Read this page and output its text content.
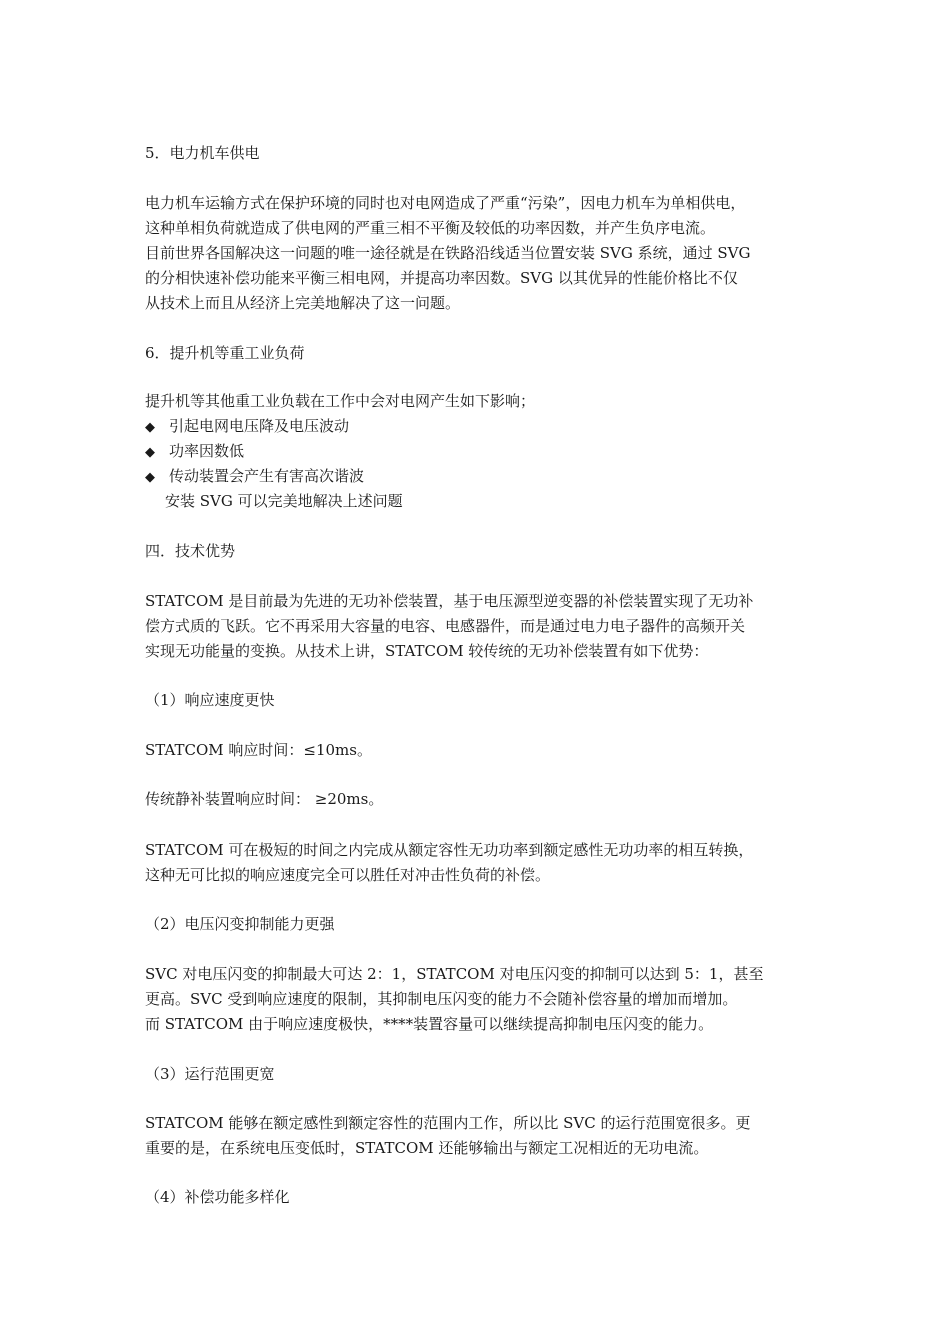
5．电力机车供电
电力机车运输方式在保护环境的同时也对电网造成了严重“污染”，因电力机车为单相供电，
这种单相负荷就造成了供电网的严重三相不平衡及较低的功率因数，并产生负序电流。
目前世界各国解决这一问题的唯一途径就是在铁路沿线适当位置安装 SVG 系统，通过 SVG
的分相快速补偿功能来平衡三相电网，并提高功率因数。SVG 以其优异的性能价格比不仅
从技术上而且从经济上完美地解决了这一问题。
6．提升机等重工业负荷
提升机等其他重工业负载在工作中会对电网产生如下影响；
◆ 引起电网电压降及电压波动
◆ 功率因数低
◆ 传动装置会产生有害高次谐波
安装 SVG 可以完美地解决上述问题
四．技术优势
STATCOM 是目前最为先进的无功补偿装置，基于电压源型逆变器的补偿装置实现了无功补
偿方式质的飞跃。它不再采用大容量的电容、电感器件，而是通过电力电子器件的高频开关
实现无功能量的变换。从技术上讲，STATCOM 较传统的无功补偿装置有如下优势：
（1）响应速度更快
STATCOM 响应时间：≤10ms。
传统静补装置响应时间： ≥20ms。
STATCOM 可在极短的时间之内完成从额定容性无功功率到额定感性无功功率的相互转换，
这种无可比拟的响应速度完全可以胜任对冲击性负荷的补偿。
（2）电压闪变抑制能力更强
SVC 对电压闪变的抑制最大可达 2：1，STATCOM 对电压闪变的抑制可以达到 5：1，甚至
更高。SVC 受到响应速度的限制，其抑制电压闪变的能力不会随补偿容量的增加而增加。
而 STATCOM 由于响应速度极快，****装置容量可以继续提高抑制电压闪变的能力。
（3）运行范围更宽
STATCOM 能够在额定感性到额定容性的范围内工作，所以比 SVC 的运行范围宽很多。更
重要的是，在系统电压变低时，STATCOM 还能够输出与额定工况相近的无功电流。
（4）补偿功能多样化
